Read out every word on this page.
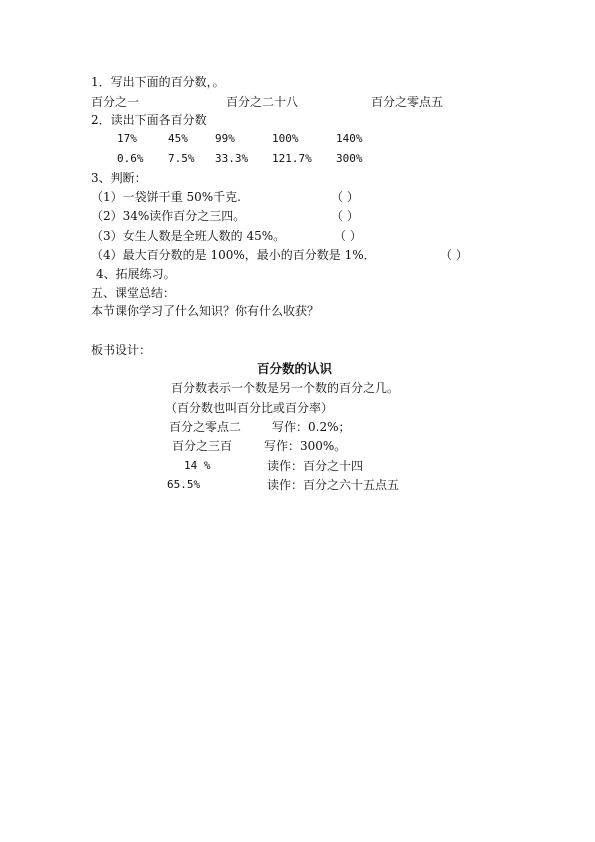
1．写出下面的百分数，。
百分之一	百分之二十八	百分之零点五
2．读出下面各百分数
17%	45% 99%	100%	140%
0.6% 7.5% 33.3% 121.7% 300%
3、判断：
（1）一袋饼干重 50%千克.	（ ）
（2）34%读作百分之三四。	（ ）
（3）女生人数是全班人数的 45%。	（ ）
（4）最大百分数的是 100%，最小的百分数是 1%．	（ ）
4、拓展练习。
五、课堂总结：
本节课你学习了什么知识？你有什么收获？
板书设计：
百分数的认识
百分数表示一个数是另一个数的百分之几。
（百分数也叫百分比或百分率）
百分之零点二	写作：0.2%；
百分之三百	写作：300%。
14 %	读作：百分之十四
65.5%	读作：百分之六十五点五
